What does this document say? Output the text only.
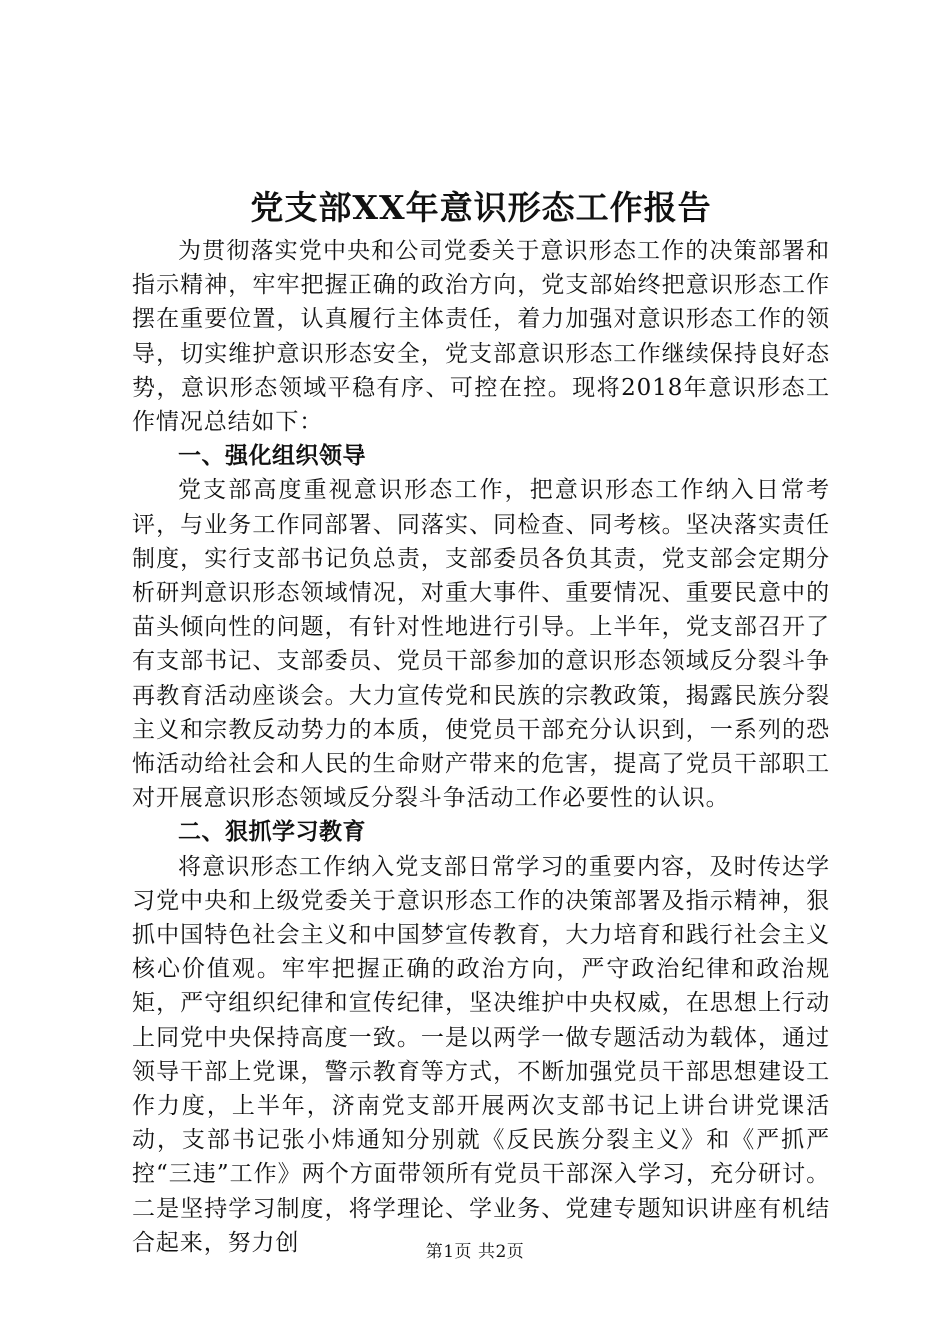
党支部XX年意识形态工作报告

为贯彻落实党中央和公司党委关于意识形态工作的决策部署和指示精神，牢牢把握正确的政治方向，党支部始终把意识形态工作摆在重要位置，认真履行主体责任，着力加强对意识形态工作的领导，切实维护意识形态安全，党支部意识形态工作继续保持良好态势，意识形态领域平稳有序、可控在控。现将2018年意识形态工作情况总结如下：

一、强化组织领导

党支部高度重视意识形态工作，把意识形态工作纳入日常考评，与业务工作同部署、同落实、同检查、同考核。坚决落实责任制度，实行支部书记负总责，支部委员各负其责，党支部会定期分析研判意识形态领域情况，对重大事件、重要情况、重要民意中的苗头倾向性的问题，有针对性地进行引导。上半年，党支部召开了有支部书记、支部委员、党员干部参加的意识形态领域反分裂斗争再教育活动座谈会。大力宣传党和民族的宗教政策，揭露民族分裂主义和宗教反动势力的本质，使党员干部充分认识到，一系列的恐怖活动给社会和人民的生命财产带来的危害，提高了党员干部职工对开展意识形态领域反分裂斗争活动工作必要性的认识。

二、狠抓学习教育

将意识形态工作纳入党支部日常学习的重要内容，及时传达学习党中央和上级党委关于意识形态工作的决策部署及指示精神，狠抓中国特色社会主义和中国梦宣传教育，大力培育和践行社会主义核心价值观。牢牢把握正确的政治方向，严守政治纪律和政治规矩，严守组织纪律和宣传纪律，坚决维护中央权威，在思想上行动上同党中央保持高度一致。一是以两学一做专题活动为载体，通过领导干部上党课，警示教育等方式，不断加强党员干部思想建设工作力度，上半年，济南党支部开展两次支部书记上讲台讲党课活动，支部书记张小炜通知分别就《反民族分裂主义》和《严抓严控“三违”工作》两个方面带领所有党员干部深入学习，充分研讨。二是坚持学习制度，将学理论、学业务、党建专题知识讲座有机结合起来，努力创	第1页 共2页
